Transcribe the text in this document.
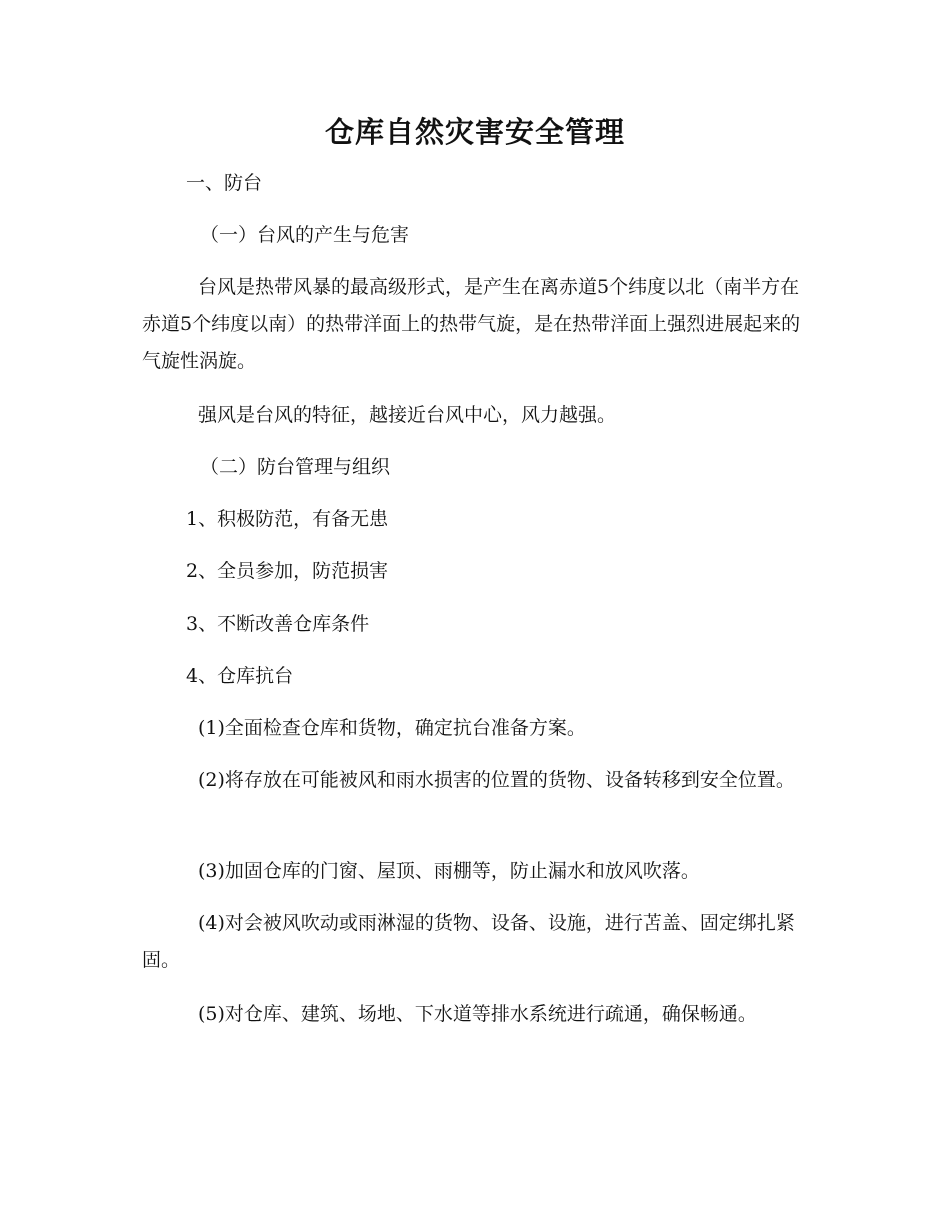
仓库自然灾害安全管理
一、防台
（一）台风的产生与危害
台风是热带风暴的最高级形式，是产生在离赤道5个纬度以北（南半方在赤道5个纬度以南）的热带洋面上的热带气旋，是在热带洋面上强烈进展起来的气旋性涡旋。
强风是台风的特征，越接近台风中心，风力越强。
（二）防台管理与组织
1、积极防范，有备无患
2、全员参加，防范损害
3、不断改善仓库条件
4、仓库抗台
(1)全面检查仓库和货物，确定抗台准备方案。
(2)将存放在可能被风和雨水损害的位置的货物、设备转移到安全位置。
(3)加固仓库的门窗、屋顶、雨棚等，防止漏水和放风吹落。
(4)对会被风吹动或雨淋湿的货物、设备、设施，进行苫盖、固定绑扎紧固。
(5)对仓库、建筑、场地、下水道等排水系统进行疏通，确保畅通。
